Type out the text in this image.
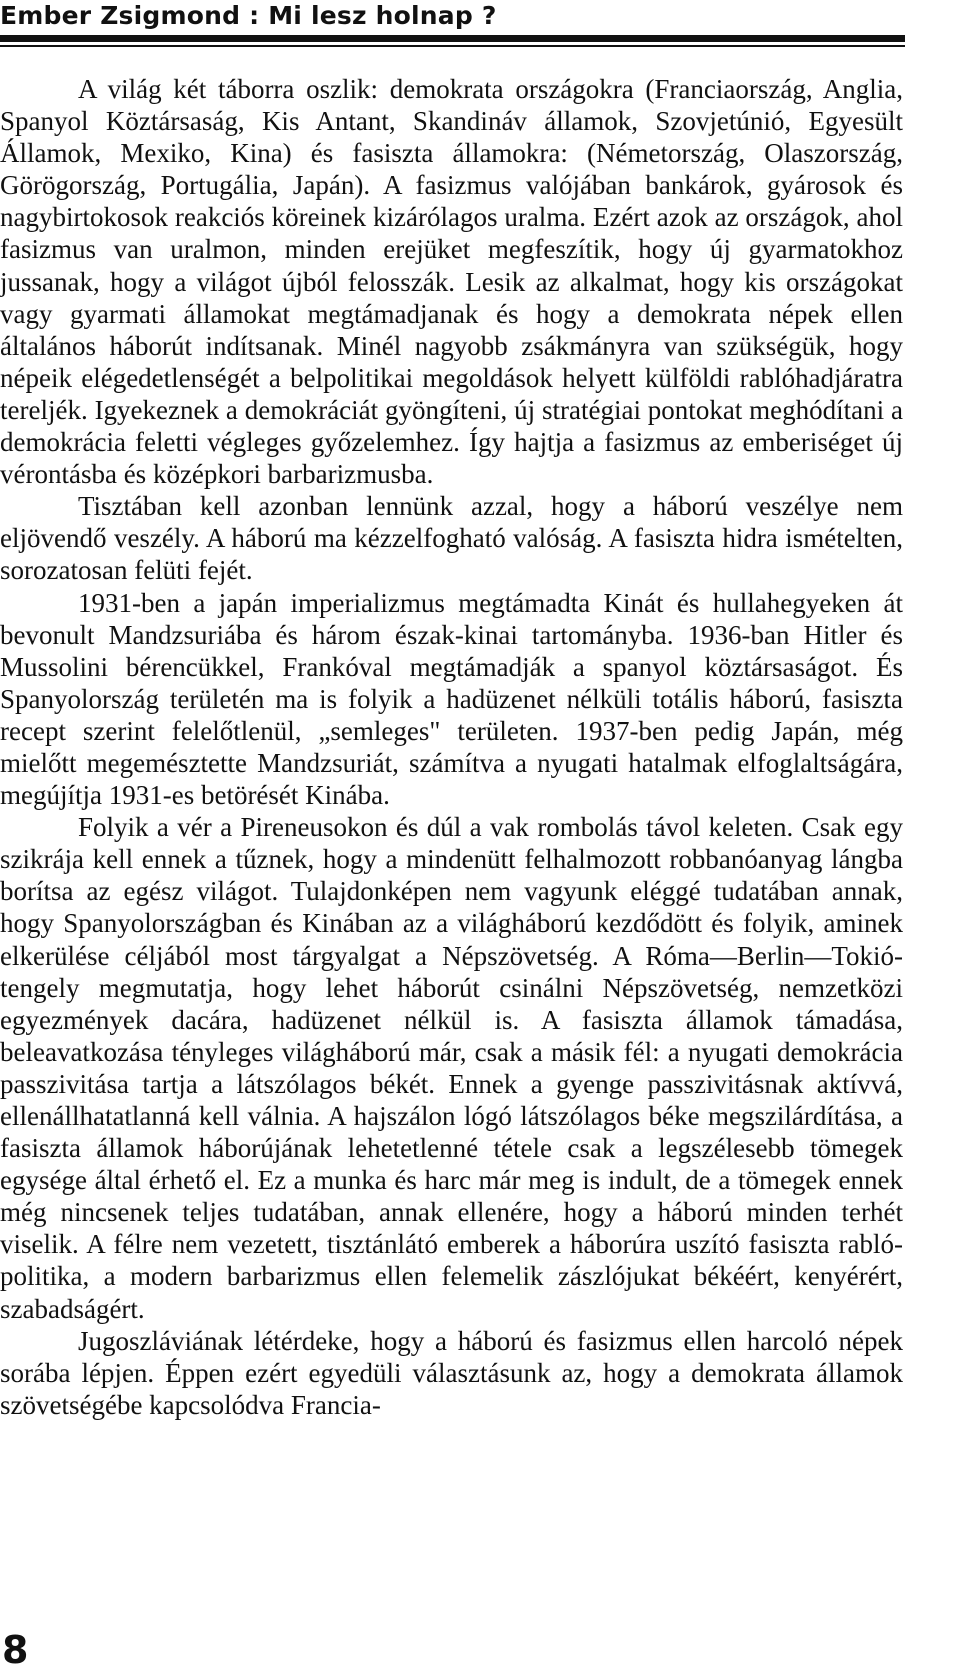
Ember Zsigmond : Mi lesz holnap ?

A világ két táborra oszlik: demokrata országokra (Franciaország, Anglia, Spanyol Köztársaság, Kis Antant, Skandináv államok, Szovjetúnió, Egyesült Államok, Mexiko, Kina) és fasiszta államokra: (Németország, Olaszország, Görögország, Portugália, Japán). A fasizmus valójában bankárok, gyárosok és nagybirtokosok reakciós köreinek kizárólagos uralma. Ezért azok az országok, ahol fasizmus van uralmon, minden erejüket megfeszítik, hogy új gyarmatokhoz jussanak, hogy a világot újból felosszák. Lesik az alkalmat, hogy kis országokat vagy gyarmati államokat megtámadjanak és hogy a demokrata népek ellen általános háborút indítsanak. Minél nagyobb zsákmányra van szükségük, hogy népeik elégedetlenségét a belpolitikai megoldások helyett külföldi rablóhadjáratra tereljék. Igyekeznek a demokráciát gyöngíteni, új stratégiai pontokat meghódítani a demokrácia feletti végleges győzelemhez. Így hajtja a fasizmus az emberiséget új vérontásba és középkori barbarizmusba.

Tisztában kell azonban lennünk azzal, hogy a háború veszélye nem eljövendő veszély. A háború ma kézzelfogható valóság. A fasiszta hidra ismételten, sorozatosan felüti fejét.

1931-ben a japán imperializmus megtámadta Kinát és hullahegyeken át bevonult Mandzsuriába és három észak-kinai tartományba. 1936-ban Hitler és Mussolini bérencükkel, Frankóval megtámadják a spanyol köztársaságot. És Spanyolország területén ma is folyik a hadüzenet nélküli totális háború, fasiszta recept szerint felelőtlenül, „semleges" területen. 1937-ben pedig Japán, még mielőtt megemésztette Mandzsuriát, számítva a nyugati hatalmak elfoglaltságára, megújítja 1931-es betörését Kinába.

Folyik a vér a Pireneusokon és dúl a vak rombolás távol keleten. Csak egy szikrája kell ennek a tűznek, hogy a mindenütt felhalmozott robbanóanyag lángba borítsa az egész világot. Tulajdonképen nem vagyunk eléggé tudatában annak, hogy Spanyolországban és Kinában az a világháború kezdődött és folyik, aminek elkerülése céljából most tárgyalgat a Népszövetség. A Róma—Berlin—Tokió-tengely megmutatja, hogy lehet háborút csinálni Népszövetség, nemzetközi egyezmények dacára, hadüzenet nélkül is. A fasiszta államok támadása, beleavatkozása tényleges világháború már, csak a másik fél: a nyugati demokrácia passzivitása tartja a látszólagos békét. Ennek a gyenge passzivitásnak aktívvá, ellenállhatatlanná kell válnia. A hajszálon lógó látszólagos béke megszilárdítása, a fasiszta államok háborújának lehetetlenné tétele csak a legszélesebb tömegek egysége által érhető el. Ez a munka és harc már meg is indult, de a tömegek ennek még nincsenek teljes tudatában, annak ellenére, hogy a háború minden terhét viselik. A félre nem vezetett, tisztánlátó emberek a háborúra uszító fasiszta rabló-politika, a modern barbarizmus ellen felemelik zászlójukat békéért, kenyérért, szabadságért.

Jugoszláviának létérdeke, hogy a háború és fasizmus ellen harcoló népek sorába lépjen. Éppen ezért egyedüli választásunk az, hogy a demokrata államok szövetségébe kapcsolódva Francia-

8
